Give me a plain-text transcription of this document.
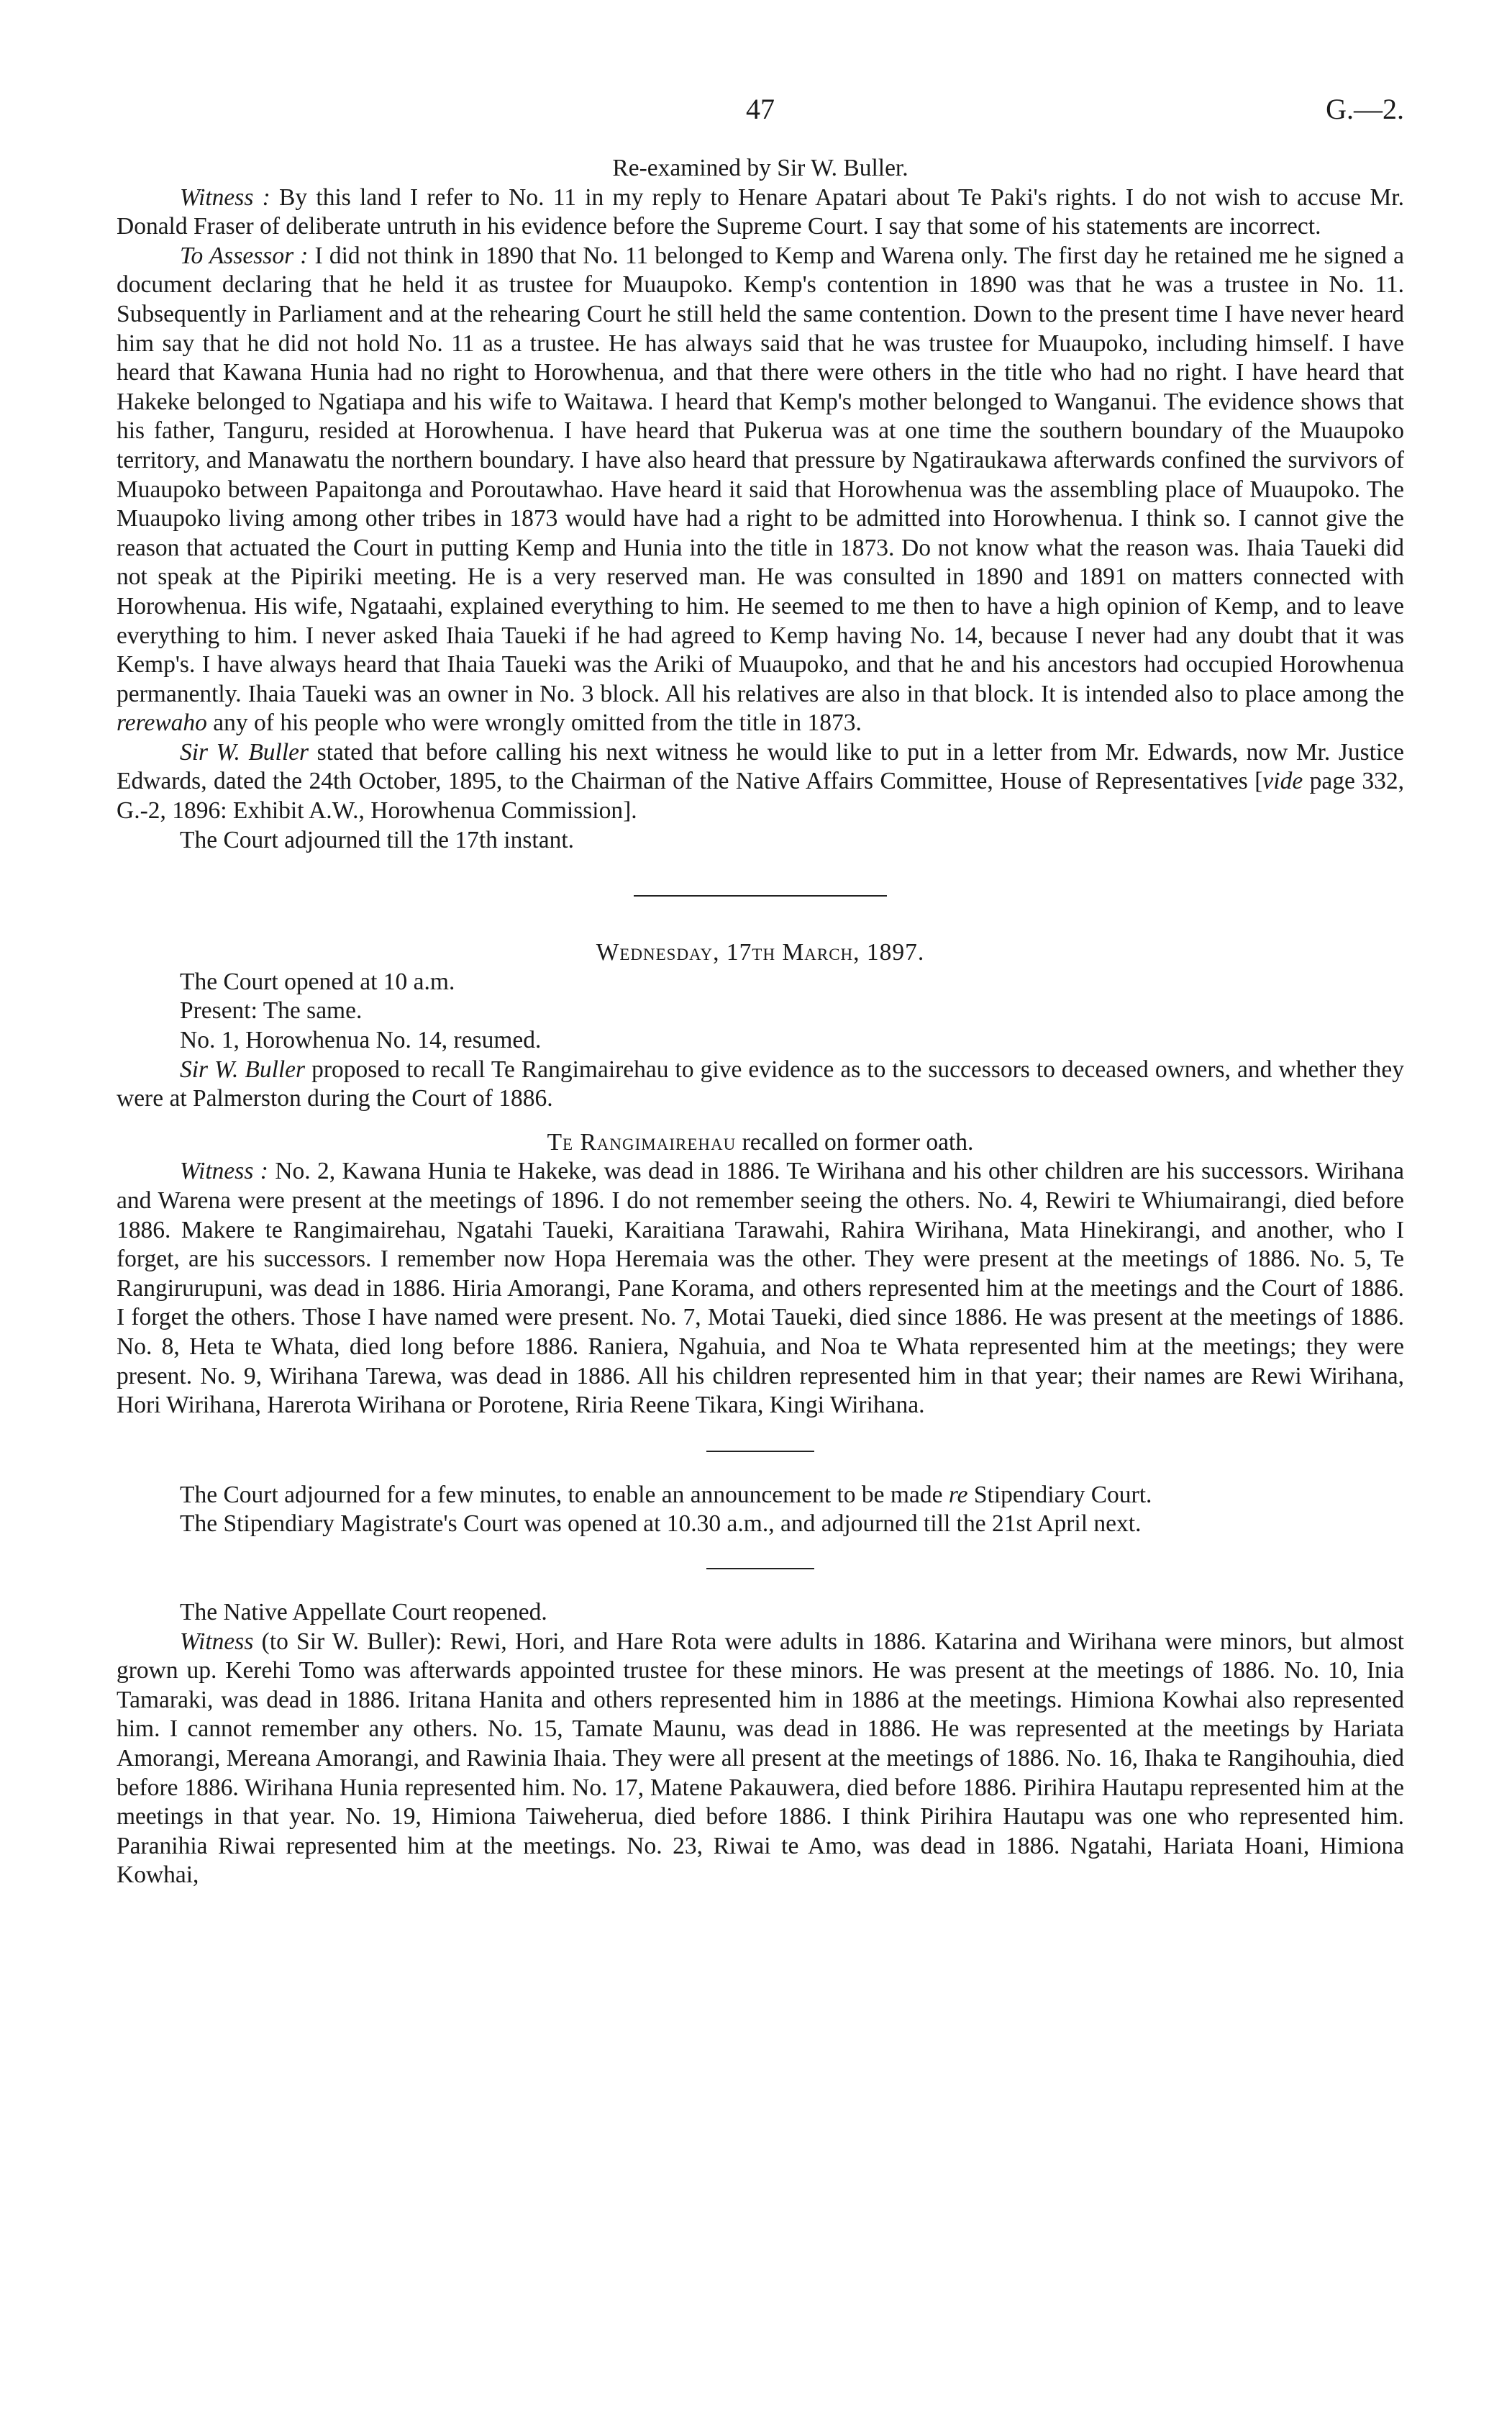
47	G.—2.
Re-examined by Sir W. Buller.

Witness : By this land I refer to No. 11 in my reply to Henare Apatari about Te Paki's rights. I do not wish to accuse Mr. Donald Fraser of deliberate untruth in his evidence before the Supreme Court. I say that some of his statements are incorrect.

To Assessor : I did not think in 1890 that No. 11 belonged to Kemp and Warena only. The first day he retained me he signed a document declaring that he held it as trustee for Muaupoko. Kemp's contention in 1890 was that he was a trustee in No. 11. Subsequently in Parliament and at the rehearing Court he still held the same contention. Down to the present time I have never heard him say that he did not hold No. 11 as a trustee. He has always said that he was trustee for Muaupoko, including himself. I have heard that Kawana Hunia had no right to Horowhenua, and that there were others in the title who had no right. I have heard that Hakeke belonged to Ngatiapa and his wife to Waitawa. I heard that Kemp's mother belonged to Wanganui. The evidence shows that his father, Tanguru, resided at Horowhenua. I have heard that Pukerua was at one time the southern boundary of the Muaupoko territory, and Manawatu the northern boundary. I have also heard that pressure by Ngatiraukawa afterwards confined the survivors of Muaupoko between Papaitonga and Poroutawhao. Have heard it said that Horowhenua was the assembling place of Muaupoko. The Muaupoko living among other tribes in 1873 would have had a right to be admitted into Horowhenua. I think so. I cannot give the reason that actuated the Court in putting Kemp and Hunia into the title in 1873. Do not know what the reason was. Ihaia Taueki did not speak at the Pipiriki meeting. He is a very reserved man. He was consulted in 1890 and 1891 on matters connected with Horowhenua. His wife, Ngataahi, explained everything to him. He seemed to me then to have a high opinion of Kemp, and to leave everything to him. I never asked Ihaia Taueki if he had agreed to Kemp having No. 14, because I never had any doubt that it was Kemp's. I have always heard that Ihaia Taueki was the Ariki of Muaupoko, and that he and his ancestors had occupied Horowhenua permanently. Ihaia Taueki was an owner in No. 3 block. All his relatives are also in that block. It is intended also to place among the rerewaho any of his people who were wrongly omitted from the title in 1873.

Sir W. Buller stated that before calling his next witness he would like to put in a letter from Mr. Edwards, now Mr. Justice Edwards, dated the 24th October, 1895, to the Chairman of the Native Affairs Committee, House of Representatives [vide page 332, G.-2, 1896: Exhibit A.W., Horowhenua Commission].

The Court adjourned till the 17th instant.

Wednesday, 17th March, 1897.

The Court opened at 10 a.m.

Present: The same.

No. 1, Horowhenua No. 14, resumed.

Sir W. Buller proposed to recall Te Rangimairehau to give evidence as to the successors to deceased owners, and whether they were at Palmerston during the Court of 1886.

Te Rangimairehau recalled on former oath.

Witness : No. 2, Kawana Hunia te Hakeke, was dead in 1886. Te Wirihana and his other children are his successors. Wirihana and Warena were present at the meetings of 1896. I do not remember seeing the others. No. 4, Rewiri te Whiumairangi, died before 1886. Makere te Rangimairehau, Ngatahi Taueki, Karaitiana Tarawahi, Rahira Wirihana, Mata Hinekirangi, and another, who I forget, are his successors. I remember now Hopa Heremaia was the other. They were present at the meetings of 1886. No. 5, Te Rangirurupuni, was dead in 1886. Hiria Amorangi, Pane Korama, and others represented him at the meetings and the Court of 1886. I forget the others. Those I have named were present. No. 7, Motai Taueki, died since 1886. He was present at the meetings of 1886. No. 8, Heta te Whata, died long before 1886. Raniera, Ngahuia, and Noa te Whata represented him at the meetings; they were present. No. 9, Wirihana Tarewa, was dead in 1886. All his children represented him in that year; their names are Rewi Wirihana, Hori Wirihana, Harerota Wirihana or Porotene, Riria Reene Tikara, Kingi Wirihana.

The Court adjourned for a few minutes, to enable an announcement to be made re Stipendiary Court.

The Stipendiary Magistrate's Court was opened at 10.30 a.m., and adjourned till the 21st April next.

The Native Appellate Court reopened.

Witness (to Sir W. Buller): Rewi, Hori, and Hare Rota were adults in 1886. Katarina and Wirihana were minors, but almost grown up. Kerehi Tomo was afterwards appointed trustee for these minors. He was present at the meetings of 1886. No. 10, Inia Tamaraki, was dead in 1886. Iritana Hanita and others represented him in 1886 at the meetings. Himiona Kowhai also represented him. I cannot remember any others. No. 15, Tamate Maunu, was dead in 1886. He was represented at the meetings by Hariata Amorangi, Mereana Amorangi, and Rawinia Ihaia. They were all present at the meetings of 1886. No. 16, Ihaka te Rangihouhia, died before 1886. Wirihana Hunia represented him. No. 17, Matene Pakauwera, died before 1886. Pirihira Hautapu represented him at the meetings in that year. No. 19, Himiona Taiweherua, died before 1886. I think Pirihira Hautapu was one who represented him. Paranihia Riwai represented him at the meetings. No. 23, Riwai te Amo, was dead in 1886. Ngatahi, Hariata Hoani, Himiona Kowhai,
